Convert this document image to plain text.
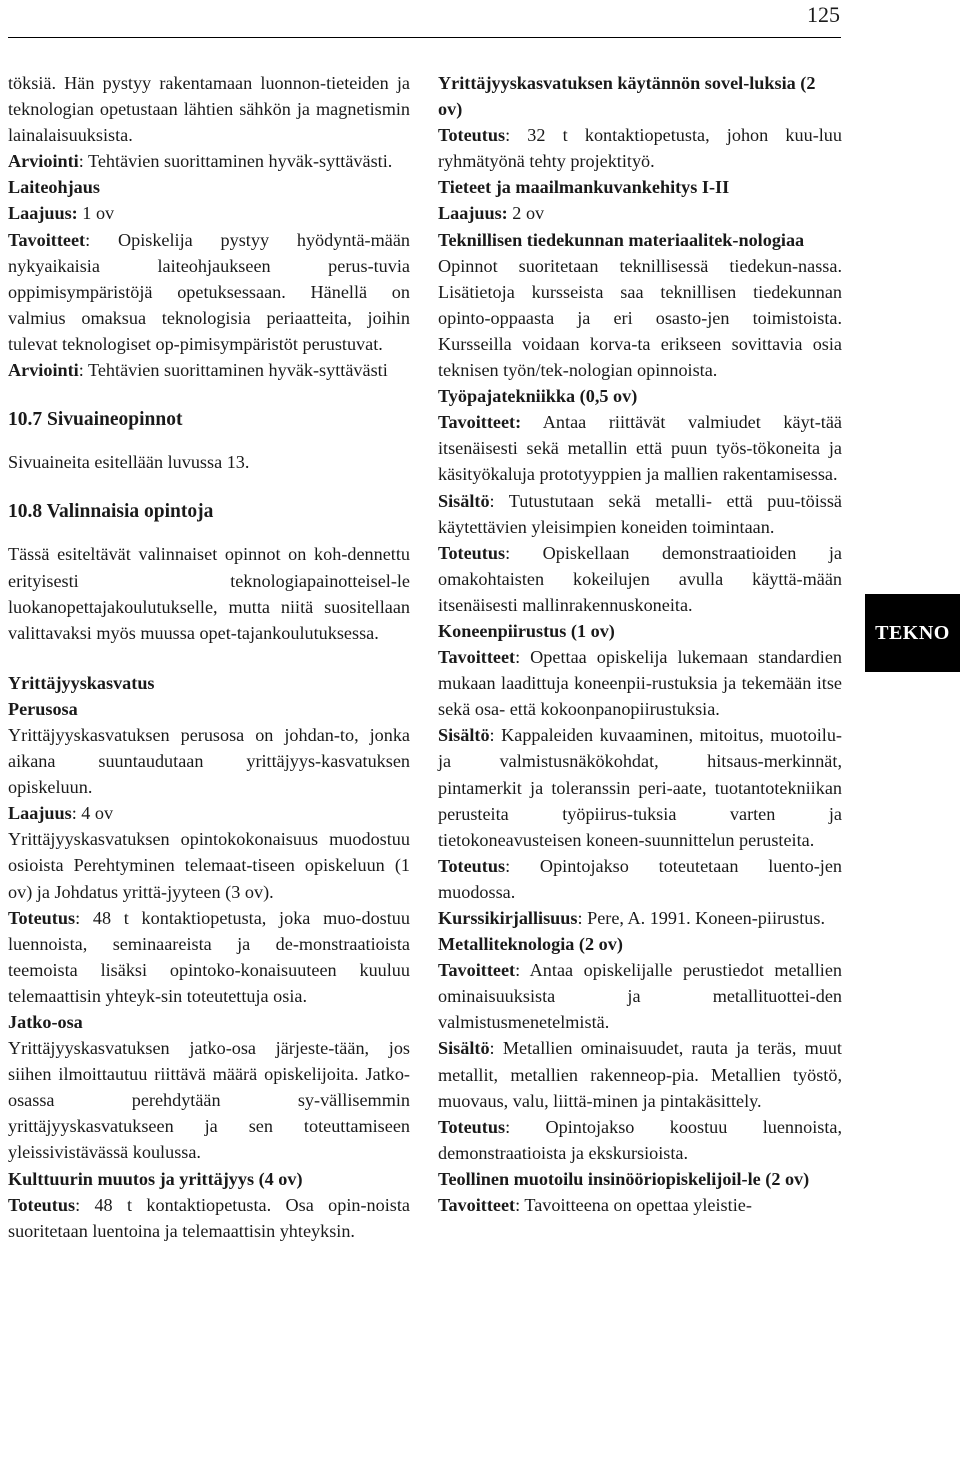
125

töksiä. Hän pystyy rakentamaan luonnon-tieteiden ja teknologian opetustaan lähtien sähkön ja magnetismin lainalaisuuksista.

Arviointi: Tehtävien suorittaminen hyväk-syttävästi.

Laiteohjaus

Laajuus: 1 ov

Tavoitteet: Opiskelija pystyy hyödyntä-mään nykyaikaisia laiteohjaukseen perus-tuvia oppimisympäristöjä opetuksessaan. Hänellä on valmius omaksua teknologisia periaatteita, joihin tulevat teknologiset op-pimisympäristöt perustuvat.

Arviointi: Tehtävien suorittaminen hyväk-syttävästi

10.7 Sivuaineopinnot

Sivuaineita esitellään luvussa 13.

10.8 Valinnaisia opintoja

Tässä esiteltävät valinnaiset opinnot on koh-dennettu erityisesti teknologiapainotteisel-le luokanopettajakoulutukselle, mutta niitä suositellaan valittavaksi myös muussa opet-tajankoulutuksessa.

Yrittäjyyskasvatus

Perusosa

Yrittäjyyskasvatuksen perusosa on johdan-to, jonka aikana suuntaudutaan yrittäjyys-kasvatuksen opiskeluun.

Laajuus: 4 ov

Yrittäjyyskasvatuksen opintokokonaisuus muodostuu osioista Perehtyminen telemaat-tiseen opiskeluun (1 ov) ja Johdatus yrittä-jyyteen (3 ov).

Toteutus: 48 t kontaktiopetusta, joka muo-dostuu luennoista, seminaareista ja de-monstraatioista teemoista lisäksi opintoko-konaisuuteen kuuluu telemaattisin yhteyk-sin toteutettuja osia.

Jatko-osa

Yrittäjyyskasvatuksen jatko-osa järjeste-tään, jos siihen ilmoittautuu riittävä määrä opiskelijoita. Jatko-osassa perehdytään sy-vällisemmin yrittäjyyskasvatukseen ja sen toteuttamiseen yleissivistävässä koulussa.

Kulttuurin muutos ja yrittäjyys (4 ov)

Toteutus: 48 t kontaktiopetusta. Osa opin-noista suoritetaan luentoina ja telemaattisin yhteyksin.

Yrittäjyyskasvatuksen käytännön sovel-luksia (2 ov)

Toteutus: 32 t kontaktiopetusta, johon kuu-luu ryhmätyönä tehty projektityö.

Tieteet ja maailmankuvankehitys I-II

Laajuus: 2 ov

Teknillisen tiedekunnan materiaalitek-nologiaa

Opinnot suoritetaan teknillisessä tiedekun-nassa. Lisätietoja kursseista saa teknillisen tiedekunnan opinto-oppaasta ja eri osasto-jen toimistoista. Kursseilla voidaan korva-ta erikseen sovittavia osia teknisen työn/tek-nologian opinnoista.

Työpajatekniikka (0,5 ov)

Tavoitteet: Antaa riittävät valmiudet käyt-tää itsenäisesti sekä metallin että puun työs-tökoneita ja käsityökaluja prototyyppien ja mallien rakentamisessa.

Sisältö: Tutustutaan sekä metalli- että puu-töissä käytettävien yleisimpien koneiden toimintaan.

Toteutus: Opiskellaan demonstraatioiden ja omakohtaisten kokeilujen avulla käyttä-mään itsenäisesti mallinrakennuskoneita.

Koneenpiirustus (1 ov)

Tavoitteet: Opettaa opiskelija lukemaan standardien mukaan laadittuja koneenpii-rustuksia ja tekemään itse sekä osa- että kokoonpanopiirustuksia.

Sisältö: Kappaleiden kuvaaminen, mitoitus, muotoilu- ja valmistusnäkökohdat, hitsaus-merkinnät, pintamerkit ja toleranssin peri-aate, tuotantotekniikan perusteita työpiirus-tuksia varten ja tietokoneavusteisen koneen-suunnittelun perusteita.

Toteutus: Opintojakso toteutetaan luento-jen muodossa.

Kurssikirjallisuus: Pere, A. 1991. Koneen-piirustus.

Metalliteknologia (2 ov)

Tavoitteet: Antaa opiskelijalle perustiedot metallien ominaisuuksista ja metallituottei-den valmistusmenetelmistä.

Sisältö: Metallien ominaisuudet, rauta ja teräs, muut metallit, metallien rakenneop-pia. Metallien työstö, muovaus, valu, liittä-minen ja pintakäsittely.

Toteutus: Opintojakso koostuu luennoista, demonstraatioista ja ekskursioista.

Teollinen muotoilu insinööriopiskelijoil-le (2 ov)

Tavoitteet: Tavoitteena on opettaa yleistie-

TEKNO
